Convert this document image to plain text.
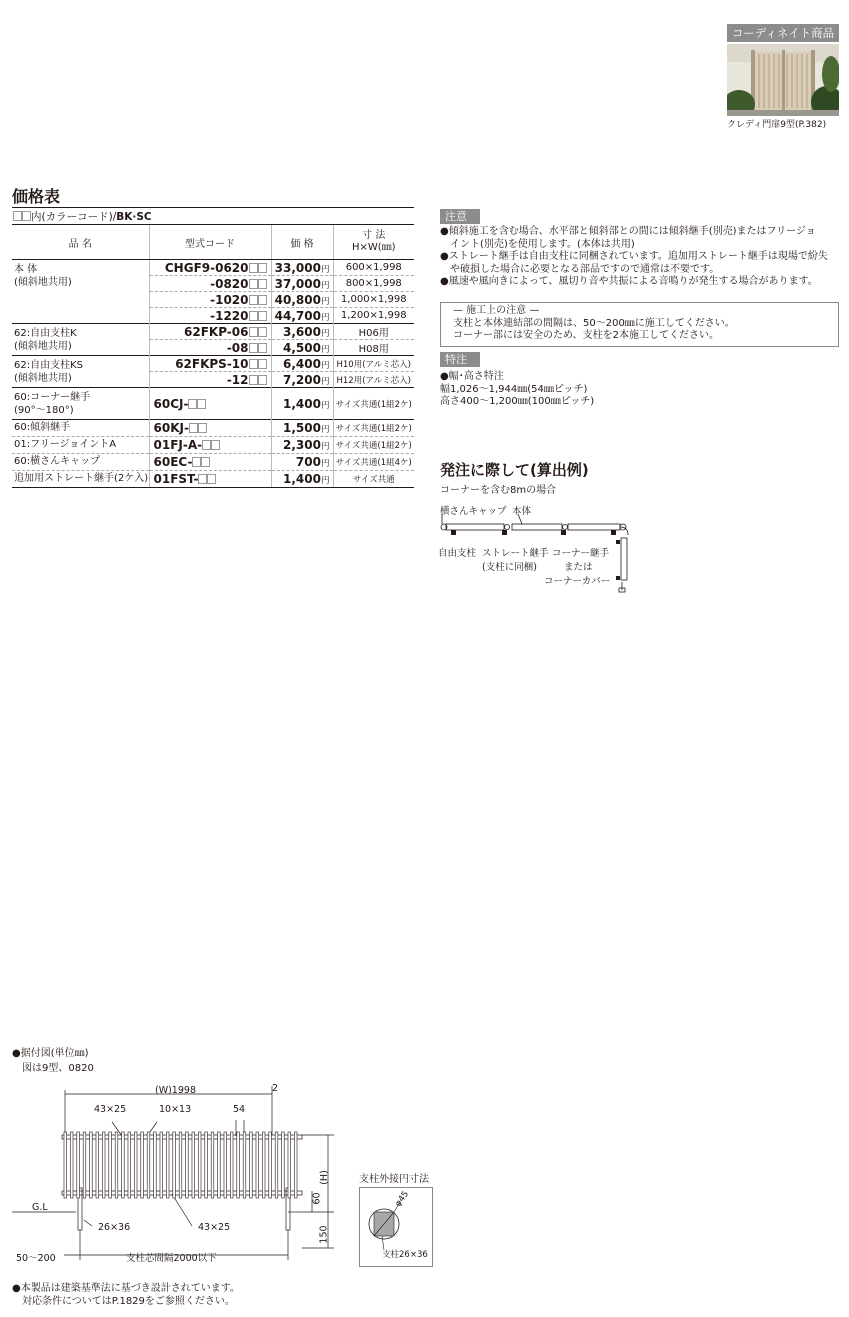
コーディネイト商品
クレディ門扉9型(P.382)
価格表
内(カラーコード)/BK·SC
品 名	型式コード	価 格	寸 法
H×W(㎜)
本 体
(傾斜地共用)	CHGF9-0620	33,000円	600×1,998
	-0820	37,000円	800×1,998
	-1020	40,800円	1,000×1,998
	-1220	44,700円	1,200×1,998
62:自由支柱K
(傾斜地共用)	62FKP-06	3,600円	H06用
	-08	4,500円	H08用
62:自由支柱KS
(傾斜地共用)	62FKPS-10	6,400円	H10用(アルミ芯入)
	-12	7,200円	H12用(アルミ芯入)
60:コーナー継手
(90°〜180°)	60CJ-	1,400円	サイズ共通(1組2ケ)
60:傾斜継手	60KJ-	1,500円	サイズ共通(1組2ケ)
01:フリージョイントA	01FJ-A-	2,300円	サイズ共通(1組2ケ)
60:横さんキャップ	60EC-	700円	サイズ共通(1組4ケ)
追加用ストレート継手(2ケ入)	01FST-	1,400円	サイズ共通
注意

●傾斜施工を含む場合、水平部と傾斜部との間には傾斜継手(別売)またはフリージョ

イント(別売)を使用します。(本体は共用)

●ストレート継手は自由支柱に同梱されています。追加用ストレート継手は現場で紛失

や破損した場合に必要となる部品ですので通常は不要です。

●風速や風向きによって、風切り音や共振による音鳴りが発生する場合があります。

— 施工上の注意 —
支柱と本体連結部の間隔は、50〜200㎜に施工してください。
コーナー部には安全のため、支柱を2本施工してください。
特注

●幅･高さ特注

幅1,026〜1,944㎜(54㎜ピッチ)

高さ400〜1,200㎜(100㎜ピッチ)

発注に際して(算出例)
コーナーを含む8mの場合
横さんキャップ 本体
自由支柱 ストレート継手
(支柱に同梱)
コーナー継手
または
コーナーカバー

●据付図(単位㎜)

図は9型、0820

(W)1998	2
43×25	10×13	54
(H)
60
G.L
26×36	43×25	150
50〜200	支柱芯間隔2000以下
支柱外接円寸法
φ45
支柱26×36

●本製品は建築基準法に基づき設計されています。

対応条件についてはP.1829をご参照ください。
